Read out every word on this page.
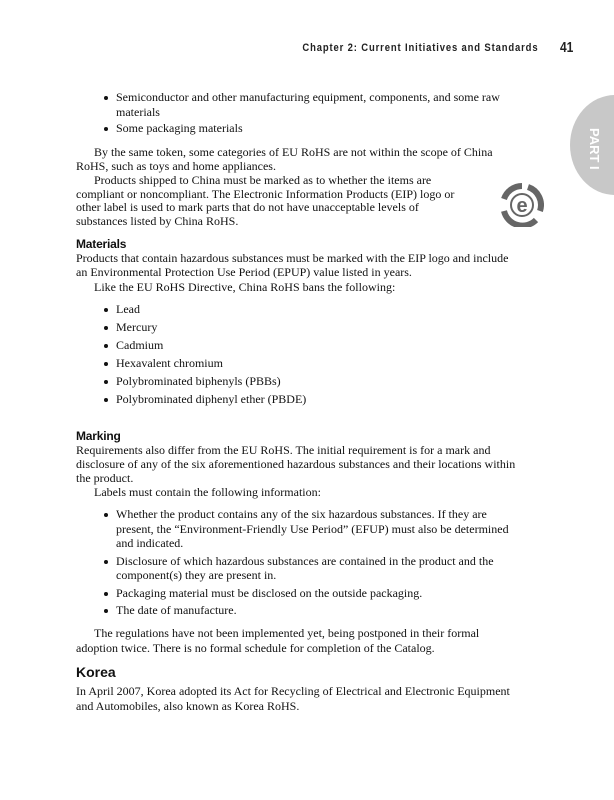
Chapter 2: Current Initiatives and Standards 41
PART I
Semiconductor and other manufacturing equipment, components, and some raw
materials
Some packaging materials
By the same token, some categories of EU RoHS are not within the scope of China
RoHS, such as toys and home appliances.
Products shipped to China must be marked as to whether the items are
compliant or noncompliant. The Electronic Information Products (EIP) logo or
other label is used to mark parts that do not have unacceptable levels of
substances listed by China RoHS.
e
Materials
Products that contain hazardous substances must be marked with the EIP logo and include
an Environmental Protection Use Period (EPUP) value listed in years.
Like the EU RoHS Directive, China RoHS bans the following:
Lead
Mercury
Cadmium
Hexavalent chromium
Polybrominated biphenyls (PBBs)
Polybrominated diphenyl ether (PBDE)
Marking
Requirements also differ from the EU RoHS. The initial requirement is for a mark and
disclosure of any of the six aforementioned hazardous substances and their locations within
the product.
Labels must contain the following information:
Whether the product contains any of the six hazardous substances. If they are
present, the “Environment-Friendly Use Period” (EFUP) must also be determined
and indicated.
Disclosure of which hazardous substances are contained in the product and the
component(s) they are present in.
Packaging material must be disclosed on the outside packaging.
The date of manufacture.
The regulations have not been implemented yet, being postponed in their formal
adoption twice. There is no formal schedule for completion of the Catalog.
Korea
In April 2007, Korea adopted its Act for Recycling of Electrical and Electronic Equipment
and Automobiles, also known as Korea RoHS.
